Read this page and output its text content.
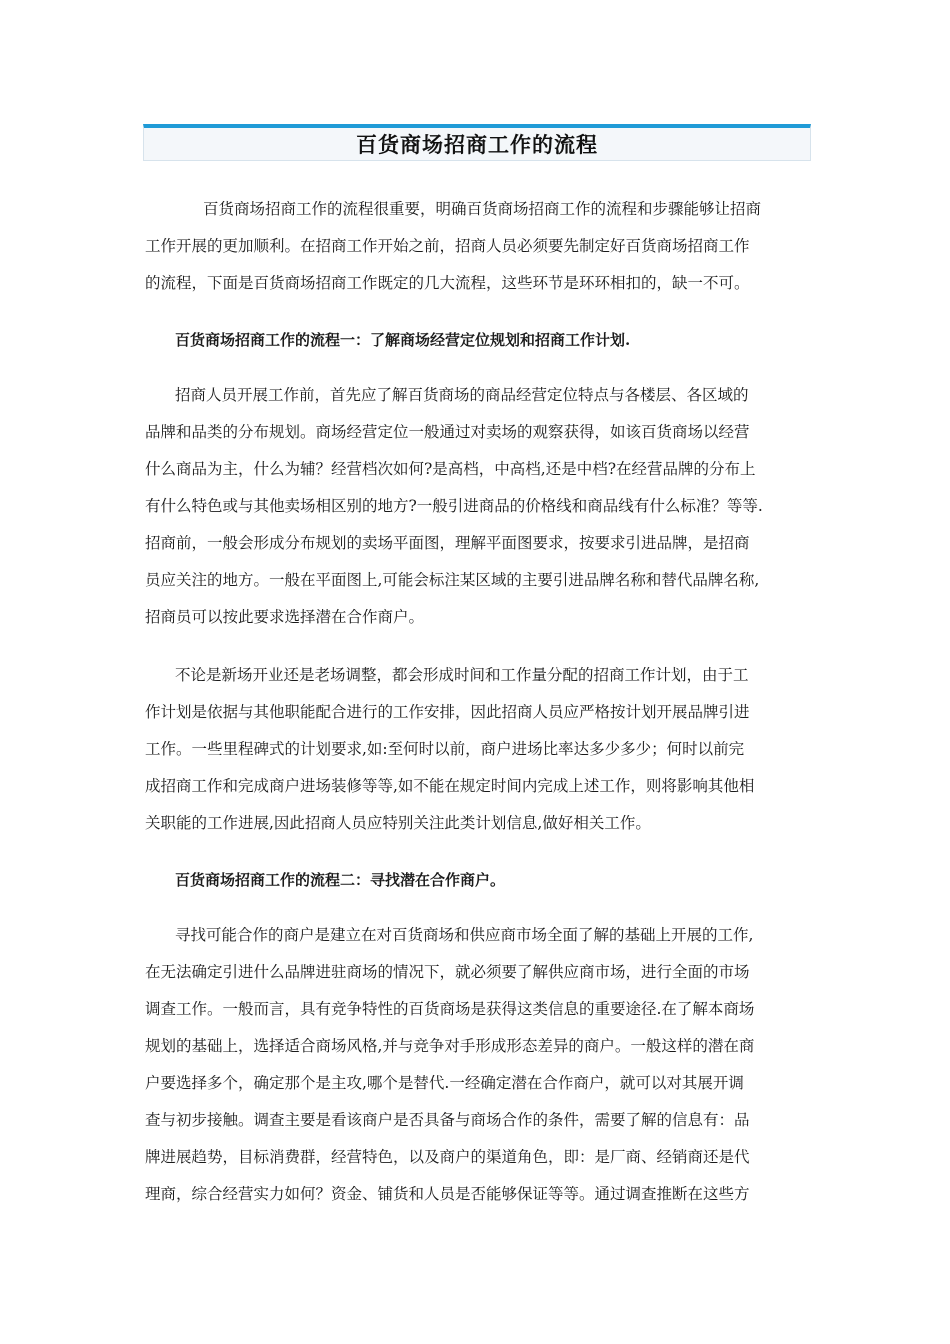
百货商场招商工作的流程
百货商场招商工作的流程很重要，明确百货商场招商工作的流程和步骤能够让招商
工作开展的更加顺利。在招商工作开始之前，招商人员必须要先制定好百货商场招商工作
的流程，下面是百货商场招商工作既定的几大流程，这些环节是环环相扣的，缺一不可。
百货商场招商工作的流程一：了解商场经营定位规划和招商工作计划.
招商人员开展工作前，首先应了解百货商场的商品经营定位特点与各楼层、各区域的
品牌和品类的分布规划。商场经营定位一般通过对卖场的观察获得，如该百货商场以经营
什么商品为主，什么为辅？经营档次如何?是高档，中高档,还是中档?在经营品牌的分布上
有什么特色或与其他卖场相区别的地方?一般引进商品的价格线和商品线有什么标准？等等.
招商前，一般会形成分布规划的卖场平面图，理解平面图要求，按要求引进品牌，是招商
员应关注的地方。一般在平面图上,可能会标注某区域的主要引进品牌名称和替代品牌名称,
招商员可以按此要求选择潜在合作商户。
不论是新场开业还是老场调整，都会形成时间和工作量分配的招商工作计划，由于工
作计划是依据与其他职能配合进行的工作安排，因此招商人员应严格按计划开展品牌引进
工作。一些里程碑式的计划要求,如:至何时以前，商户进场比率达多少多少；何时以前完
成招商工作和完成商户进场装修等等,如不能在规定时间内完成上述工作，则将影响其他相
关职能的工作进展,因此招商人员应特别关注此类计划信息,做好相关工作。
百货商场招商工作的流程二：寻找潜在合作商户。
寻找可能合作的商户是建立在对百货商场和供应商市场全面了解的基础上开展的工作,
在无法确定引进什么品牌进驻商场的情况下，就必须要了解供应商市场，进行全面的市场
调查工作。一般而言，具有竞争特性的百货商场是获得这类信息的重要途径.在了解本商场
规划的基础上，选择适合商场风格,并与竞争对手形成形态差异的商户。一般这样的潜在商
户要选择多个，确定那个是主攻,哪个是替代.一经确定潜在合作商户，就可以对其展开调
查与初步接触。调查主要是看该商户是否具备与商场合作的条件，需要了解的信息有：品
牌进展趋势，目标消费群，经营特色，以及商户的渠道角色，即：是厂商、经销商还是代
理商，综合经营实力如何？资金、铺货和人员是否能够保证等等。通过调查推断在这些方
